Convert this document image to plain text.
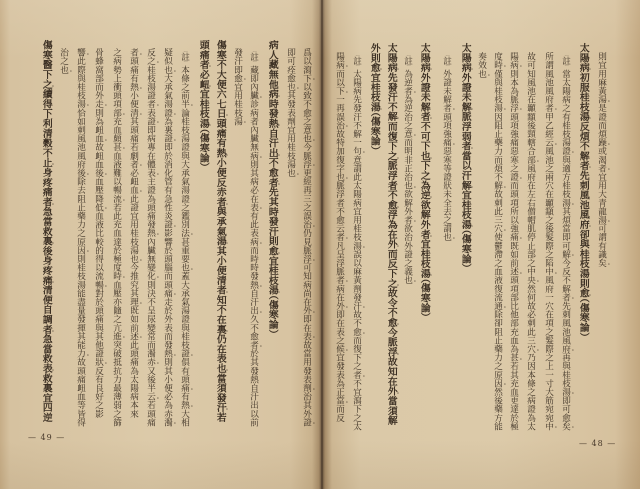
爲以瀉下以致不愈之意也今脈浮更經再三之誤治仍見脈浮可知病尚在外即在表故當用發表劑治其外證
即可痊愈也其發表劑宜用桂枝湯也
病人藏無他病時發熱自汗出不愈者先其時發汗則愈宜桂枝湯（傷寒論）
〔註〕藏即內臟診病者內臟無病則其病必在表有此表病而時時發熱自汗出久不愈者於其發熱自汗出以前
發汗即愈宜用桂枝湯
傷寒不大便六七日頭痛有熱小便反赤者與承氣湯其小便清者知不在裏仍在表也當須發汗若
頭痛者必衄宜桂枝湯（傷寒論）
〔註〕本條之前半論桂枝湯證與大承氣湯證之鑑別法甚重要也蓋大承氣湯證與桂枝證俱有頭痛有熱大相
疑似也大承氣湯證為裏證即於消化管有急性炎證影響於頭腦而頭痛走於外表而發熱則其小便必為赤濁
反之桂枝湯證者表證即病專在體表主證為頭痛發熱內臟無變化則決不呈尿變常而濁赤又後半云若頭痛
者頭痛有熱小便清其頭痛若劇者必衄血此證宜用桂枝湯也今推究其理既如前述此頭痛為太陽病本來
之病勢上衝頭項部充血頗甚血液難以暢流若此充血達於極度時血壓亦隨之亢進突破抵抗力最薄弱之篩
骨蜂窩部而外走則為衄血故衄血後血壓降低血液比較的得以流暢對於頭痛與其他證狀反有良好之影
響此際與桂枝湯恰如刺風池風府後除去阻止藥力之原因則桂枝湯能盡量發揮其能力故頭痛衄血等皆得
治之也
傷寒醫下之續得下利清穀不止身疼痛者急當救裏後身疼痛清便自調者急當救表救裏宜四逆
— 49 —
則宜用麻黃湯是證而煩躁或渴者宜用大青龍湯可謂有識矣
太陽病初服桂枝湯反煩不解者先刺風池風府卻與桂枝湯則愈（傷寒論）
〔註〕當太陽病之有桂枝湯證與適方桂枝湯其煩當即可解今反不解者先刺風池風府再與桂枝湯即可愈矣
所謂風池風府者甲乙經云風池之兩穴在顳顬之後髮際之陷中風府一穴在項之髮際之上一寸大筋宛宛中
故可知風池在顳顬後頸轄合部風府在左右僧帽肌停止部之中央然何故必刺此三穴乃因本條之病證為太
陽病則本為脈浮頭項強痛惡寒之證而頭項所以強痛既如前述頭項部比他部充血為甚若其充血更達於極
度時僅與桂枝湯因阻止藥力而煩不解故刺此三穴使鬱滯之血液復流通除卻阻止藥力之原因然後藥方能
奏效也
太陽病外證未解脈浮弱者當以汗解宜桂枝湯（傷寒論）
〔註〕外證未解者頭項強痛惡寒等證狀未全去之謂也
太陽病外證未解者不可下也下之為逆欲解外者宜桂枝湯（傷寒論）
〔註〕為逆者為逆治之意而明非正治也欲解外者欲治外證之義也
太陽病先發汗不解而復下之脈浮者不愈浮為在外而反下之故令不愈今脈浮故知在外當須解
外則愈宜桂枝湯（傷寒論）
〔註〕太陽病先發汗不解一句意謂此太陽病宜用桂枝湯誤以麻黃劑發汗故不愈而復下之者不宜瀉下之太
陽病而以下一再誤治故特加復字也脈浮者不愈云者凡呈浮脈者病在外即在表之候宜發表為正當而反
— 48 —
